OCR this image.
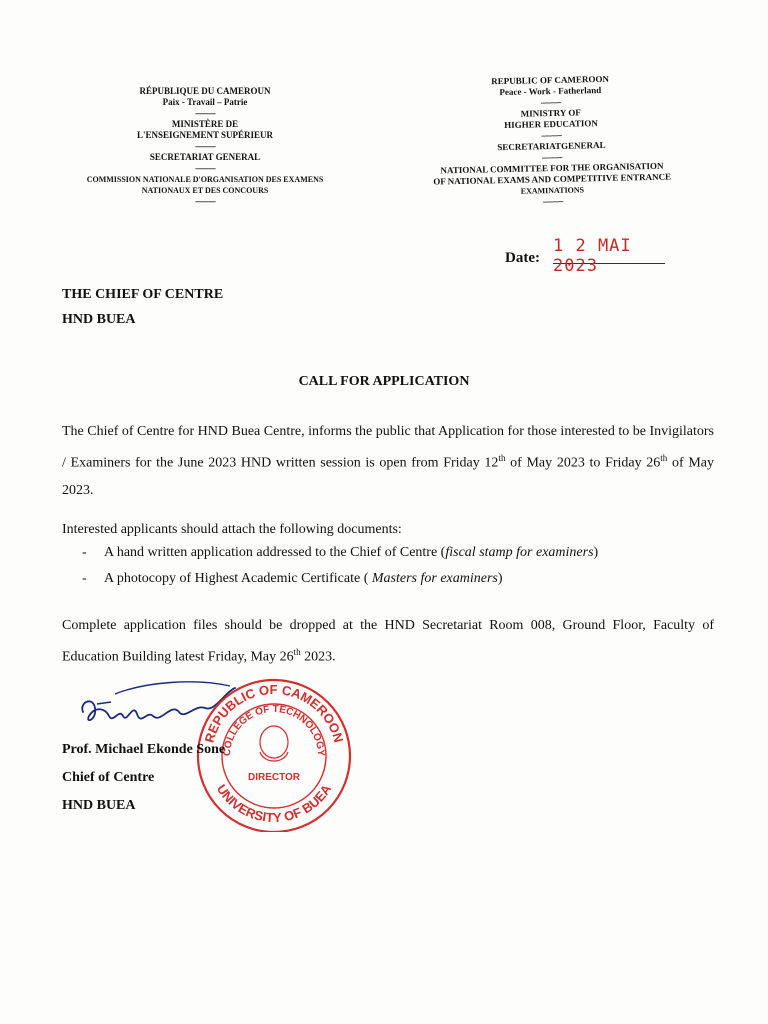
RÉPUBLIQUE DU CAMEROUN
Paix - Travail – Patrie
----------
MINISTÈRE DE
L'ENSEIGNEMENT SUPÉRIEUR
----------
SECRETARIAT GENERAL
----------
COMMISSION NATIONALE D'ORGANISATION DES EXAMENS
NATIONAUX ET DES CONCOURS
----------
REPUBLIC OF CAMEROON
Peace - Work - Fatherland
----------
MINISTRY OF
HIGHER EDUCATION
----------
SECRETARIATGENERAL
----------
NATIONAL COMMITTEE FOR THE ORGANISATION
OF NATIONAL EXAMS AND COMPETITIVE ENTRANCE
EXAMINATIONS
----------
Date:
1 2 MAI 2023
THE CHIEF OF CENTRE
HND BUEA
CALL FOR APPLICATION
The Chief of Centre for HND Buea Centre, informs the public that Application for those interested to be Invigilators / Examiners for the June 2023 HND written session is open from Friday 12th of May 2023 to Friday 26th of May 2023.
Interested applicants should attach the following documents:
-	A hand written application addressed to the Chief of Centre (fiscal stamp for examiners)
-	A photocopy of Highest Academic Certificate ( Masters for examiners)
Complete application files should be dropped at the HND Secretariat Room 008, Ground Floor, Faculty of Education Building latest Friday, May 26th 2023.
REPUBLIC OF CAMEROON
COLLEGE OF TECHNOLOGY
UNIVERSITY OF BUEA
DIRECTOR
Prof. Michael Ekonde Sone
Chief of Centre
HND BUEA
